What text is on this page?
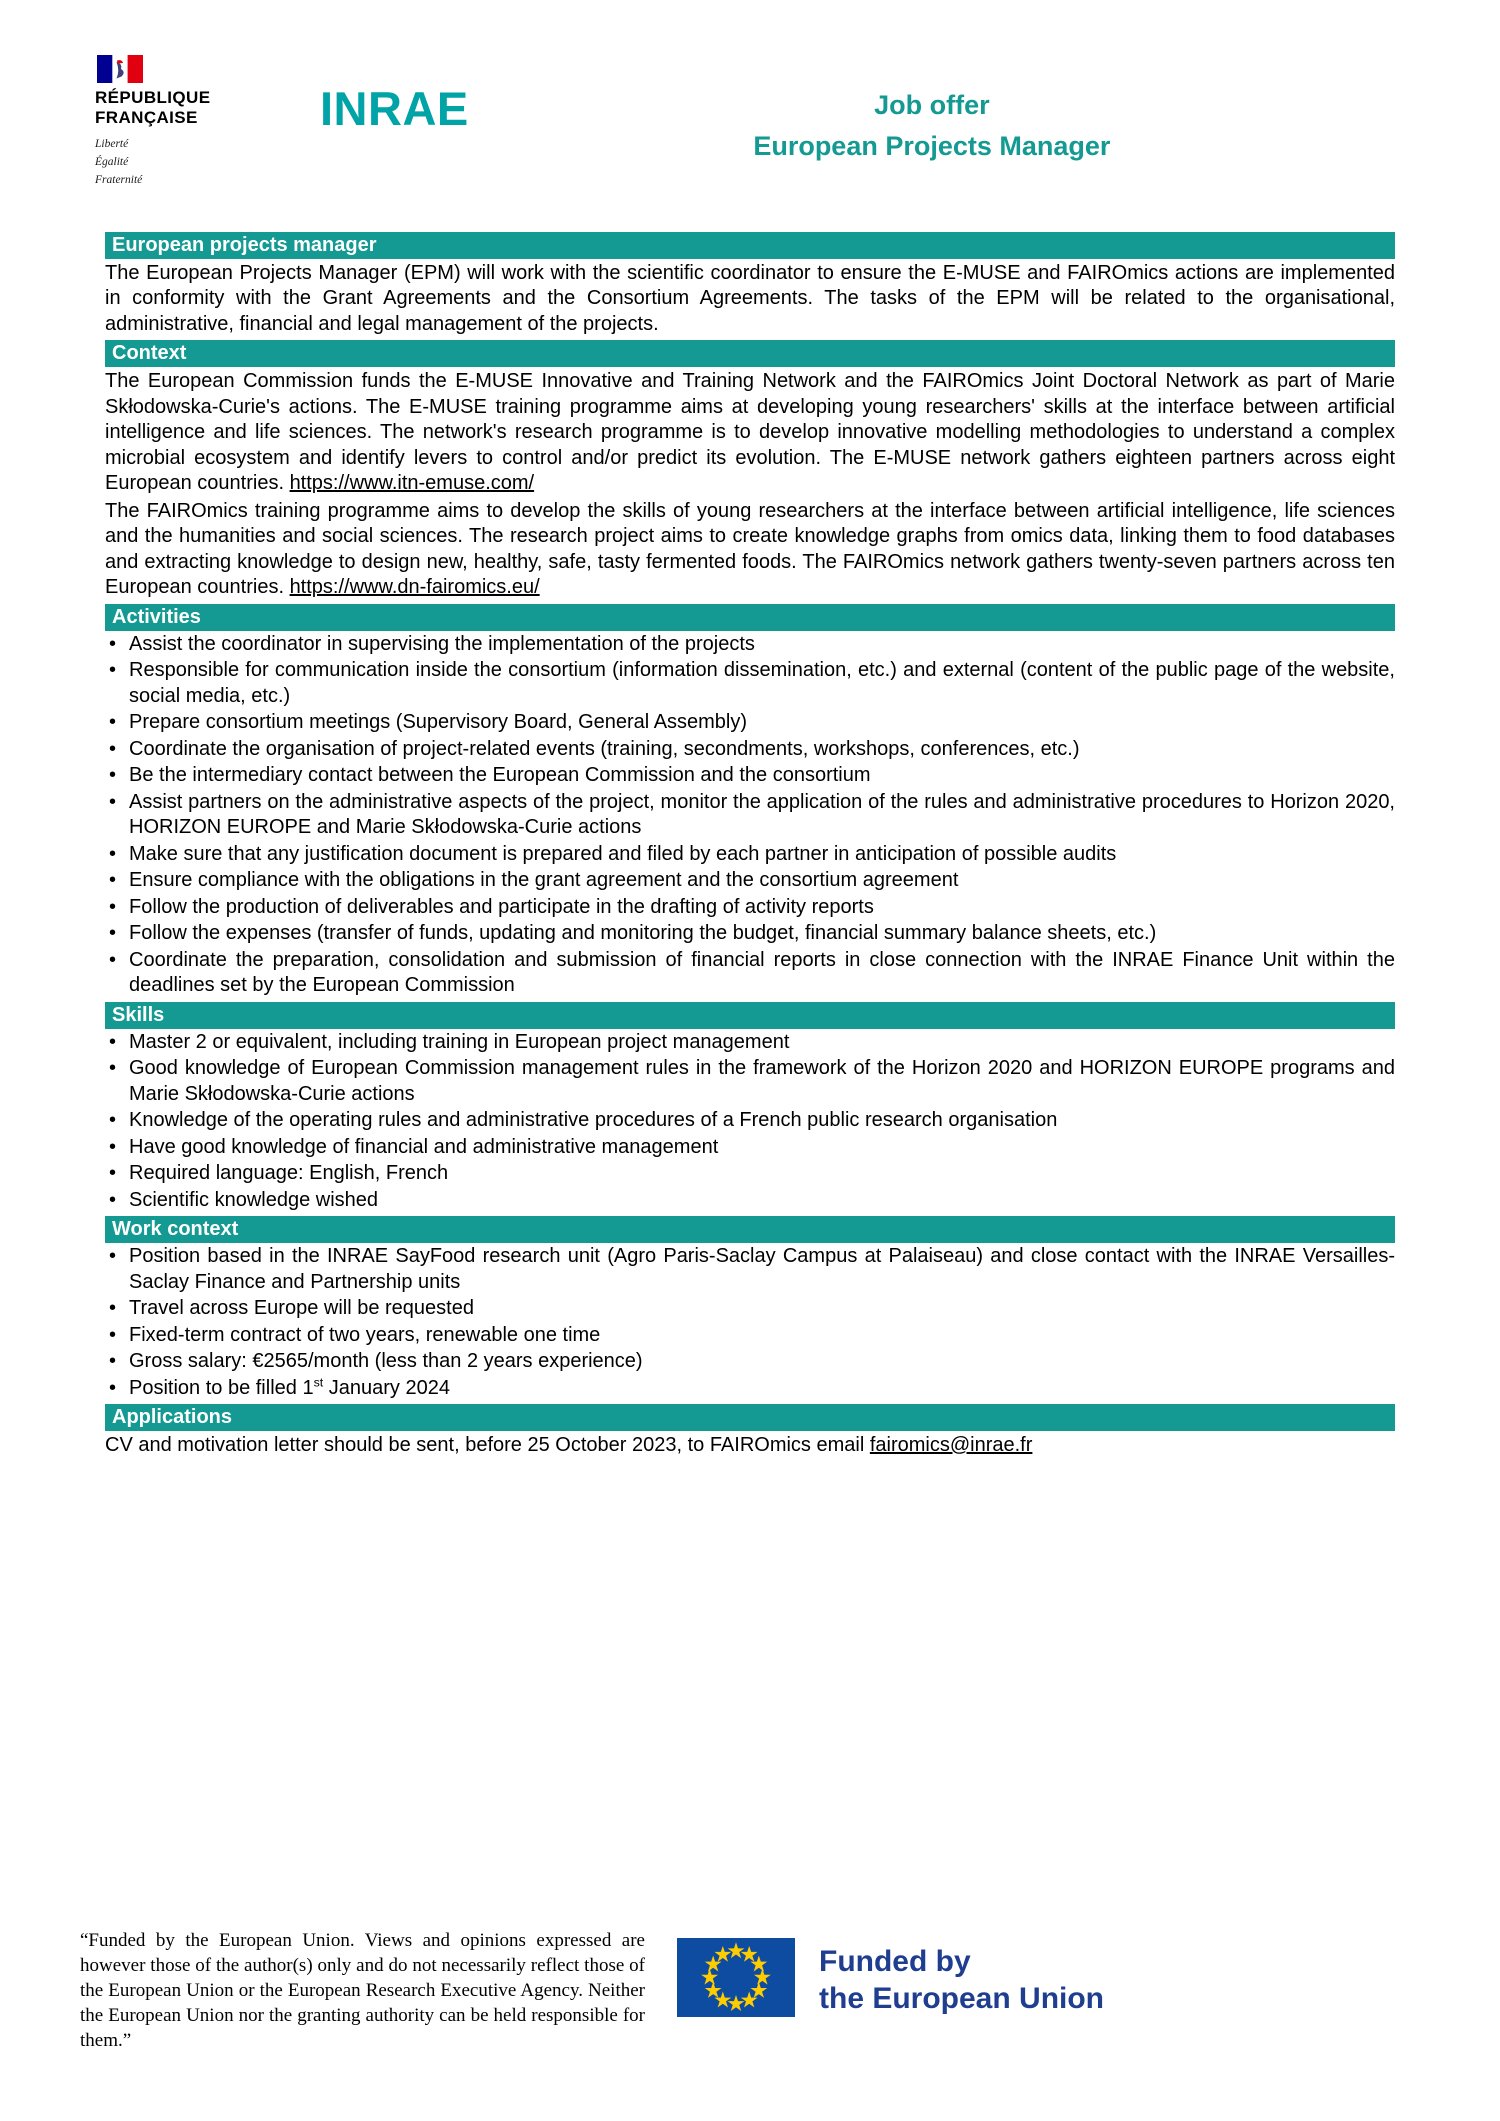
RÉPUBLIQUE
FRANÇAISE
Liberté
Égalité
Fraternité
INRAE	Job offer
European Projects Manager
European projects manager

The European Projects Manager (EPM) will work with the scientific coordinator to ensure the E-MUSE and FAIROmics actions are implemented in conformity with the Grant Agreements and the Consortium Agreements. The tasks of the EPM will be related to the organisational, administrative, financial and legal management of the projects.

Context

The European Commission funds the E-MUSE Innovative and Training Network and the FAIROmics Joint Doctoral Network as part of Marie Skłodowska-Curie's actions. The E-MUSE training programme aims at developing young researchers' skills at the interface between artificial intelligence and life sciences. The network's research programme is to develop innovative modelling methodologies to understand a complex microbial ecosystem and identify levers to control and/or predict its evolution. The E-MUSE network gathers eighteen partners across eight European countries. https://www.itn-emuse.com/

The FAIROmics training programme aims to develop the skills of young researchers at the interface between artificial intelligence, life sciences and the humanities and social sciences. The research project aims to create knowledge graphs from omics data, linking them to food databases and extracting knowledge to design new, healthy, safe, tasty fermented foods. The FAIROmics network gathers twenty-seven partners across ten European countries. https://www.dn-fairomics.eu/

Activities
• Assist the coordinator in supervising the implementation of the projects
• Responsible for communication inside the consortium (information dissemination, etc.) and external (content of the public page of the website, social media, etc.)
• Prepare consortium meetings (Supervisory Board, General Assembly)
• Coordinate the organisation of project-related events (training, secondments, workshops, conferences, etc.)
• Be the intermediary contact between the European Commission and the consortium
• Assist partners on the administrative aspects of the project, monitor the application of the rules and administrative procedures to Horizon 2020, HORIZON EUROPE and Marie Skłodowska-Curie actions
• Make sure that any justification document is prepared and filed by each partner in anticipation of possible audits
• Ensure compliance with the obligations in the grant agreement and the consortium agreement
• Follow the production of deliverables and participate in the drafting of activity reports
• Follow the expenses (transfer of funds, updating and monitoring the budget, financial summary balance sheets, etc.)
• Coordinate the preparation, consolidation and submission of financial reports in close connection with the INRAE Finance Unit within the deadlines set by the European Commission
Skills
• Master 2 or equivalent, including training in European project management
• Good knowledge of European Commission management rules in the framework of the Horizon 2020 and HORIZON EUROPE programs and Marie Skłodowska-Curie actions
• Knowledge of the operating rules and administrative procedures of a French public research organisation
• Have good knowledge of financial and administrative management
• Required language: English, French
• Scientific knowledge wished
Work context
• Position based in the INRAE SayFood research unit (Agro Paris-Saclay Campus at Palaiseau) and close contact with the INRAE Versailles-Saclay Finance and Partnership units
• Travel across Europe will be requested
• Fixed-term contract of two years, renewable one time
• Gross salary: €2565/month (less than 2 years experience)
• Position to be filled 1st January 2024
Applications

CV and motivation letter should be sent, before 25 October 2023, to FAIROmics email fairomics@inrae.fr

“Funded by the European Union. Views and opinions expressed are however those of the author(s) only and do not necessarily reflect those of the European Union or the European Research Executive Agency. Neither the European Union nor the granting authority can be held responsible for them.”
Funded by
the European Union
